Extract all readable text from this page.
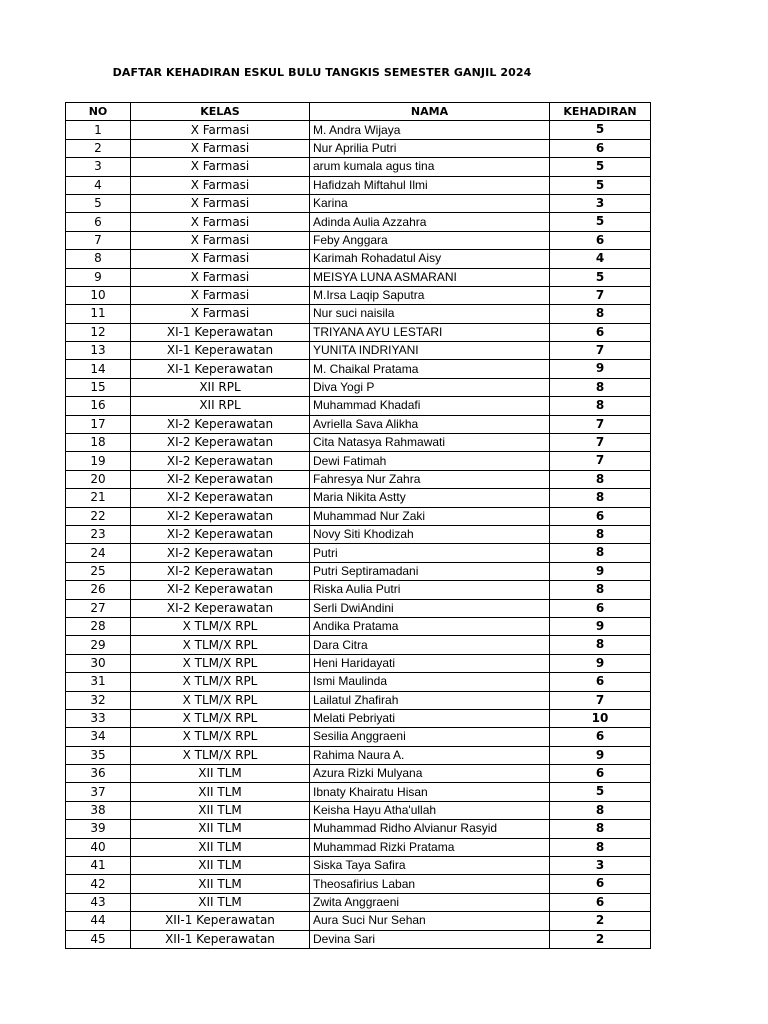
DAFTAR KEHADIRAN ESKUL BULU TANGKIS SEMESTER GANJIL 2024
NO	KELAS	NAMA	KEHADIRAN
1	X Farmasi	M. Andra Wijaya	5
2	X Farmasi	Nur Aprilia Putri	6
3	X Farmasi	arum kumala agus tina	5
4	X Farmasi	Hafidzah Miftahul Ilmi	5
5	X Farmasi	Karina	3
6	X Farmasi	Adinda Aulia Azzahra	5
7	X Farmasi	Feby Anggara	6
8	X Farmasi	Karimah Rohadatul Aisy	4
9	X Farmasi	MEISYA LUNA ASMARANI	5
10	X Farmasi	M.Irsa Laqip Saputra	7
11	X Farmasi	Nur suci naisila	8
12	XI-1 Keperawatan	TRIYANA AYU LESTARI	6
13	XI-1 Keperawatan	YUNITA INDRIYANI	7
14	XI-1 Keperawatan	M. Chaikal Pratama	9
15	XII RPL	Diva Yogi P	8
16	XII RPL	Muhammad Khadafi	8
17	XI-2 Keperawatan	Avriella Sava Alikha	7
18	XI-2 Keperawatan	Cita Natasya Rahmawati	7
19	XI-2 Keperawatan	Dewi Fatimah	7
20	XI-2 Keperawatan	Fahresya Nur Zahra	8
21	XI-2 Keperawatan	Maria Nikita Astty	8
22	XI-2 Keperawatan	Muhammad Nur Zaki	6
23	XI-2 Keperawatan	Novy Siti Khodizah	8
24	XI-2 Keperawatan	Putri	8
25	XI-2 Keperawatan	Putri Septiramadani	9
26	XI-2 Keperawatan	Riska Aulia Putri	8
27	XI-2 Keperawatan	Serli DwiAndini	6
28	X TLM/X RPL	Andika Pratama	9
29	X TLM/X RPL	Dara Citra	8
30	X TLM/X RPL	Heni Haridayati	9
31	X TLM/X RPL	Ismi Maulinda	6
32	X TLM/X RPL	Lailatul Zhafirah	7
33	X TLM/X RPL	Melati Pebriyati	10
34	X TLM/X RPL	Sesilia Anggraeni	6
35	X TLM/X RPL	Rahima Naura A.	9
36	XII TLM	Azura Rizki Mulyana	6
37	XII TLM	Ibnaty Khairatu Hisan	5
38	XII TLM	Keisha Hayu Atha'ullah	8
39	XII TLM	Muhammad Ridho Alvianur Rasyid	8
40	XII TLM	Muhammad Rizki Pratama	8
41	XII TLM	Siska Taya Safira	3
42	XII TLM	Theosafirius Laban	6
43	XII TLM	Zwita Anggraeni	6
44	XII-1 Keperawatan	Aura Suci Nur Sehan	2
45	XII-1 Keperawatan	Devina Sari	2
